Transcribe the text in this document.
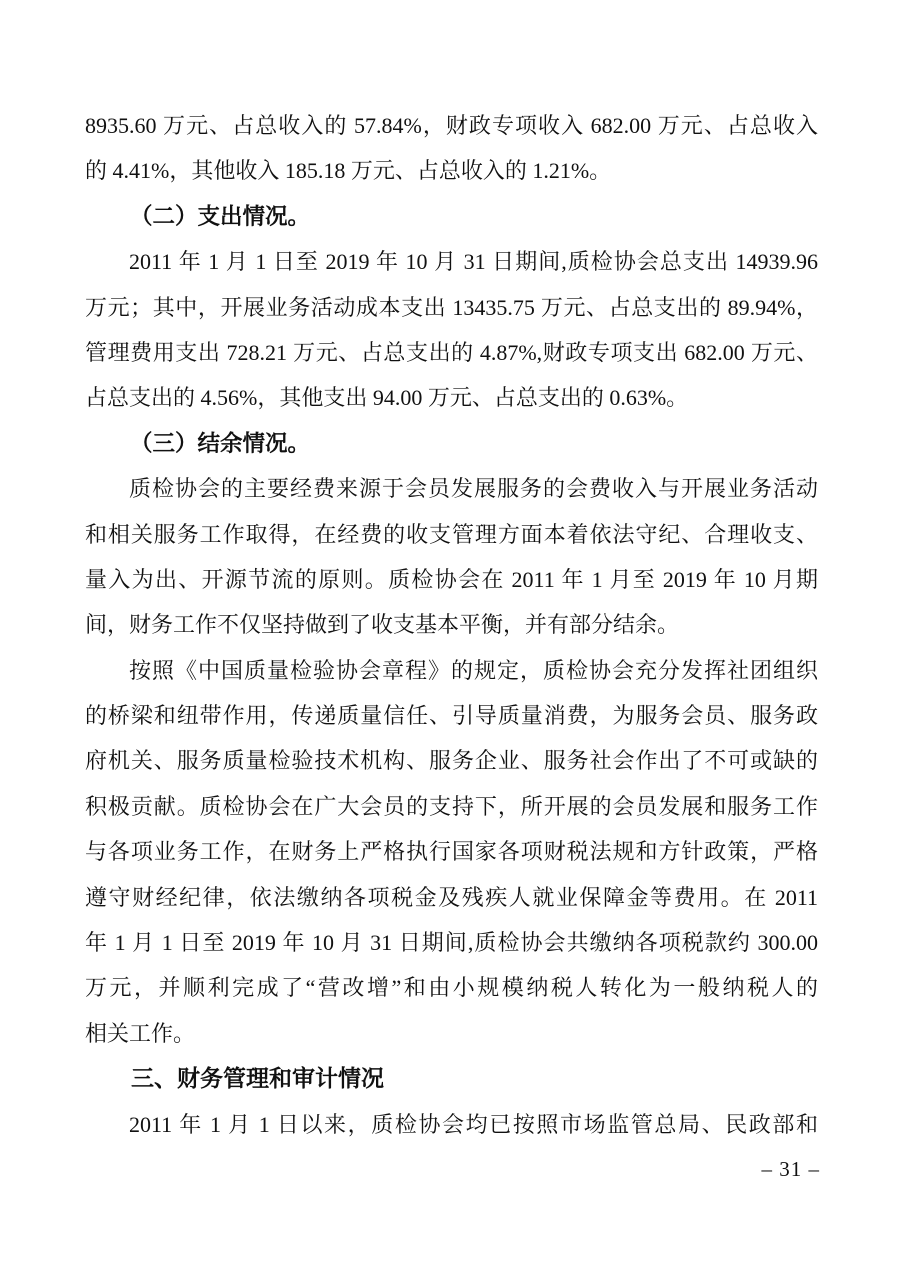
8935.60 万元、占总收入的 57.84%，财政专项收入 682.00 万元、占总收入
的 4.41%，其他收入 185.18 万元、占总收入的 1.21%。
（二）支出情况。
2011 年 1 月 1 日至 2019 年 10 月 31 日期间,质检协会总支出 14939.96
万元；其中，开展业务活动成本支出 13435.75 万元、占总支出的 89.94%，
管理费用支出 728.21 万元、占总支出的 4.87%,财政专项支出 682.00 万元、
占总支出的 4.56%，其他支出 94.00 万元、占总支出的 0.63%。
（三）结余情况。
质检协会的主要经费来源于会员发展服务的会费收入与开展业务活动
和相关服务工作取得，在经费的收支管理方面本着依法守纪、合理收支、
量入为出、开源节流的原则。质检协会在 2011 年 1 月至 2019 年 10 月期
间，财务工作不仅坚持做到了收支基本平衡，并有部分结余。
按照《中国质量检验协会章程》的规定，质检协会充分发挥社团组织
的桥梁和纽带作用，传递质量信任、引导质量消费，为服务会员、服务政
府机关、服务质量检验技术机构、服务企业、服务社会作出了不可或缺的
积极贡献。质检协会在广大会员的支持下，所开展的会员发展和服务工作
与各项业务工作，在财务上严格执行国家各项财税法规和方针政策，严格
遵守财经纪律，依法缴纳各项税金及残疾人就业保障金等费用。在 2011
年 1 月 1 日至 2019 年 10 月 31 日期间,质检协会共缴纳各项税款约 300.00
万元，并顺利完成了“营改增”和由小规模纳税人转化为一般纳税人的
相关工作。
三、财务管理和审计情况
2011 年 1 月 1 日以来，质检协会均已按照市场监管总局、民政部和
– 31 –
